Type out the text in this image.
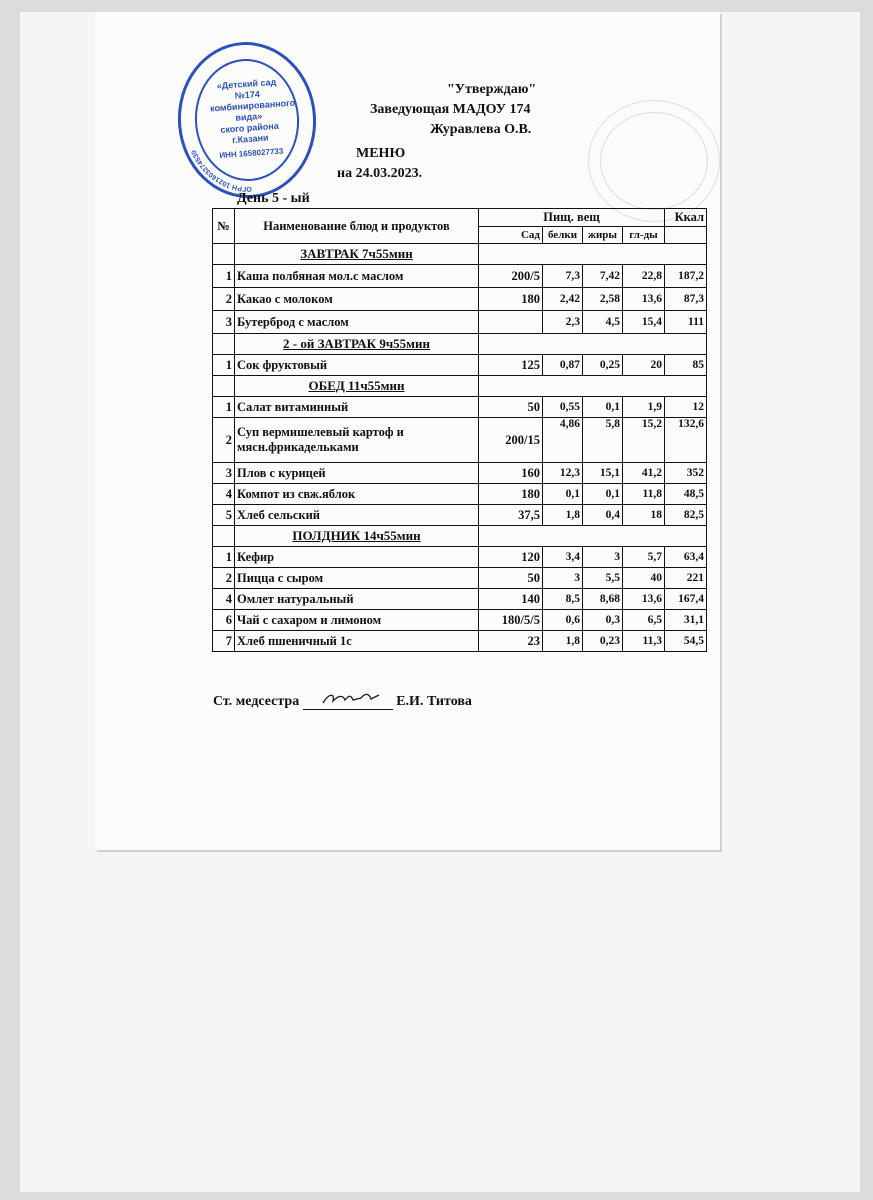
ОГРН 1021603274530
«Детский сад №174
комбинированного
вида»
ского района
г.Казани
ИНН 1658027733
"Утверждаю"
Заведующая МАДОУ 174
Журавлева О.В.
МЕНЮ
на 24.03.2023.
День 5 - ый
№	Наименование блюд и продуктов	Пищ. вещ				Ккал
		Сад	белки	жиры	гл-ды	
	ЗАВТРАК 7ч55мин					
1	Каша полбяная мол.с маслом	200/5	7,3	7,42	22,8	187,2
2	Какао с молоком	180	2,42	2,58	13,6	87,3
3	Бутерброд с маслом		2,3	4,5	15,4	111
	2 - ой ЗАВТРАК 9ч55мин					
1	Сок фруктовый	125	0,87	0,25	20	85
	ОБЕД 11ч55мин					
1	Салат витаминный	50	0,55	0,1	1,9	12
2	Суп вермишелевый картоф и мясн.фрикадельками	200/15	4,86	5,8	15,2	132,6
3	Плов с курицей	160	12,3	15,1	41,2	352
4	Компот из свж.яблок	180	0,1	0,1	11,8	48,5
5	Хлеб сельский	37,5	1,8	0,4	18	82,5
	ПОЛДНИК 14ч55мин					
1	Кефир	120	3,4	3	5,7	63,4
2	Пицца с сыром	50	3	5,5	40	221
4	Омлет натуральный	140	8,5	8,68	13,6	167,4
6	Чай с сахаром и лимоном	180/5/5	0,6	0,3	6,5	31,1
7	Хлеб пшеничный 1с	23	1,8	0,23	11,3	54,5
Ст. медсестра	Е.И. Титова
